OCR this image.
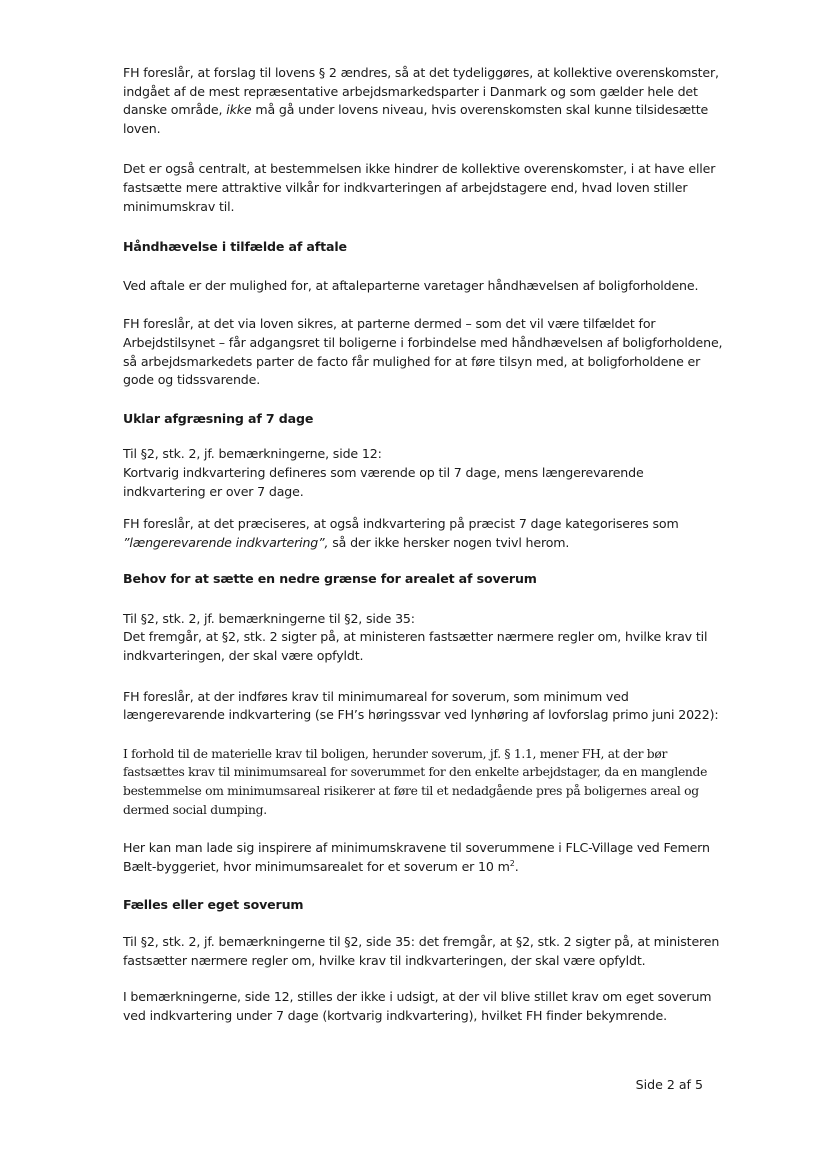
FH foreslår, at forslag til lovens § 2 ændres, så at det tydeliggøres, at kollektive overenskomster, indgået af de mest repræsentative arbejdsmarkedsparter i Danmark og som gælder hele det danske område, ikke må gå under lovens niveau, hvis overenskomsten skal kunne tilsidesætte loven.

Det er også centralt, at bestemmelsen ikke hindrer de kollektive overenskomster, i at have eller fastsætte mere attraktive vilkår for indkvarteringen af arbejdstagere end, hvad loven stiller minimumskrav til.

Håndhævelse i tilfælde af aftale

Ved aftale er der mulighed for, at aftaleparterne varetager håndhævelsen af boligforholdene.

FH foreslår, at det via loven sikres, at parterne dermed – som det vil være tilfældet for Arbejdstilsynet – får adgangsret til boligerne i forbindelse med håndhævelsen af boligforholdene, så arbejdsmarkedets parter de facto får mulighed for at føre tilsyn med, at boligforholdene er gode og tidssvarende.

Uklar afgræsning af 7 dage

Til §2, stk. 2, jf. bemærkningerne, side 12:

Kortvarig indkvartering defineres som værende op til 7 dage, mens længerevarende indkvartering er over 7 dage.

FH foreslår, at det præciseres, at også indkvartering på præcist 7 dage kategoriseres som ”længerevarende indkvartering”, så der ikke hersker nogen tvivl herom.

Behov for at sætte en nedre grænse for arealet af soverum

Til §2, stk. 2, jf. bemærkningerne til §2, side 35:

Det fremgår, at §2, stk. 2 sigter på, at ministeren fastsætter nærmere regler om, hvilke krav til indkvarteringen, der skal være opfyldt.

FH foreslår, at der indføres krav til minimumareal for soverum, som minimum ved længerevarende indkvartering (se FH’s høringssvar ved lynhøring af lovforslag primo juni 2022):

I forhold til de materielle krav til boligen, herunder soverum, jf. § 1.1, mener FH, at der bør fastsættes krav til minimumsareal for soverummet for den enkelte arbejdstager, da en manglende bestemmelse om minimumsareal risikerer at føre til et nedadgående pres på boligernes areal og dermed social dumping.

Her kan man lade sig inspirere af minimumskravene til soverummene i FLC-Village ved Femern Bælt-byggeriet, hvor minimumsarealet for et soverum er 10 $m^2$.

Fælles eller eget soverum

Til §2, stk. 2, jf. bemærkningerne til §2, side 35: det fremgår, at §2, stk. 2 sigter på, at ministeren fastsætter nærmere regler om, hvilke krav til indkvarteringen, der skal være opfyldt.

I bemærkningerne, side 12, stilles der ikke i udsigt, at der vil blive stillet krav om eget soverum ved indkvartering under 7 dage (kortvarig indkvartering), hvilket FH finder bekymrende.

Side 2 af 5
